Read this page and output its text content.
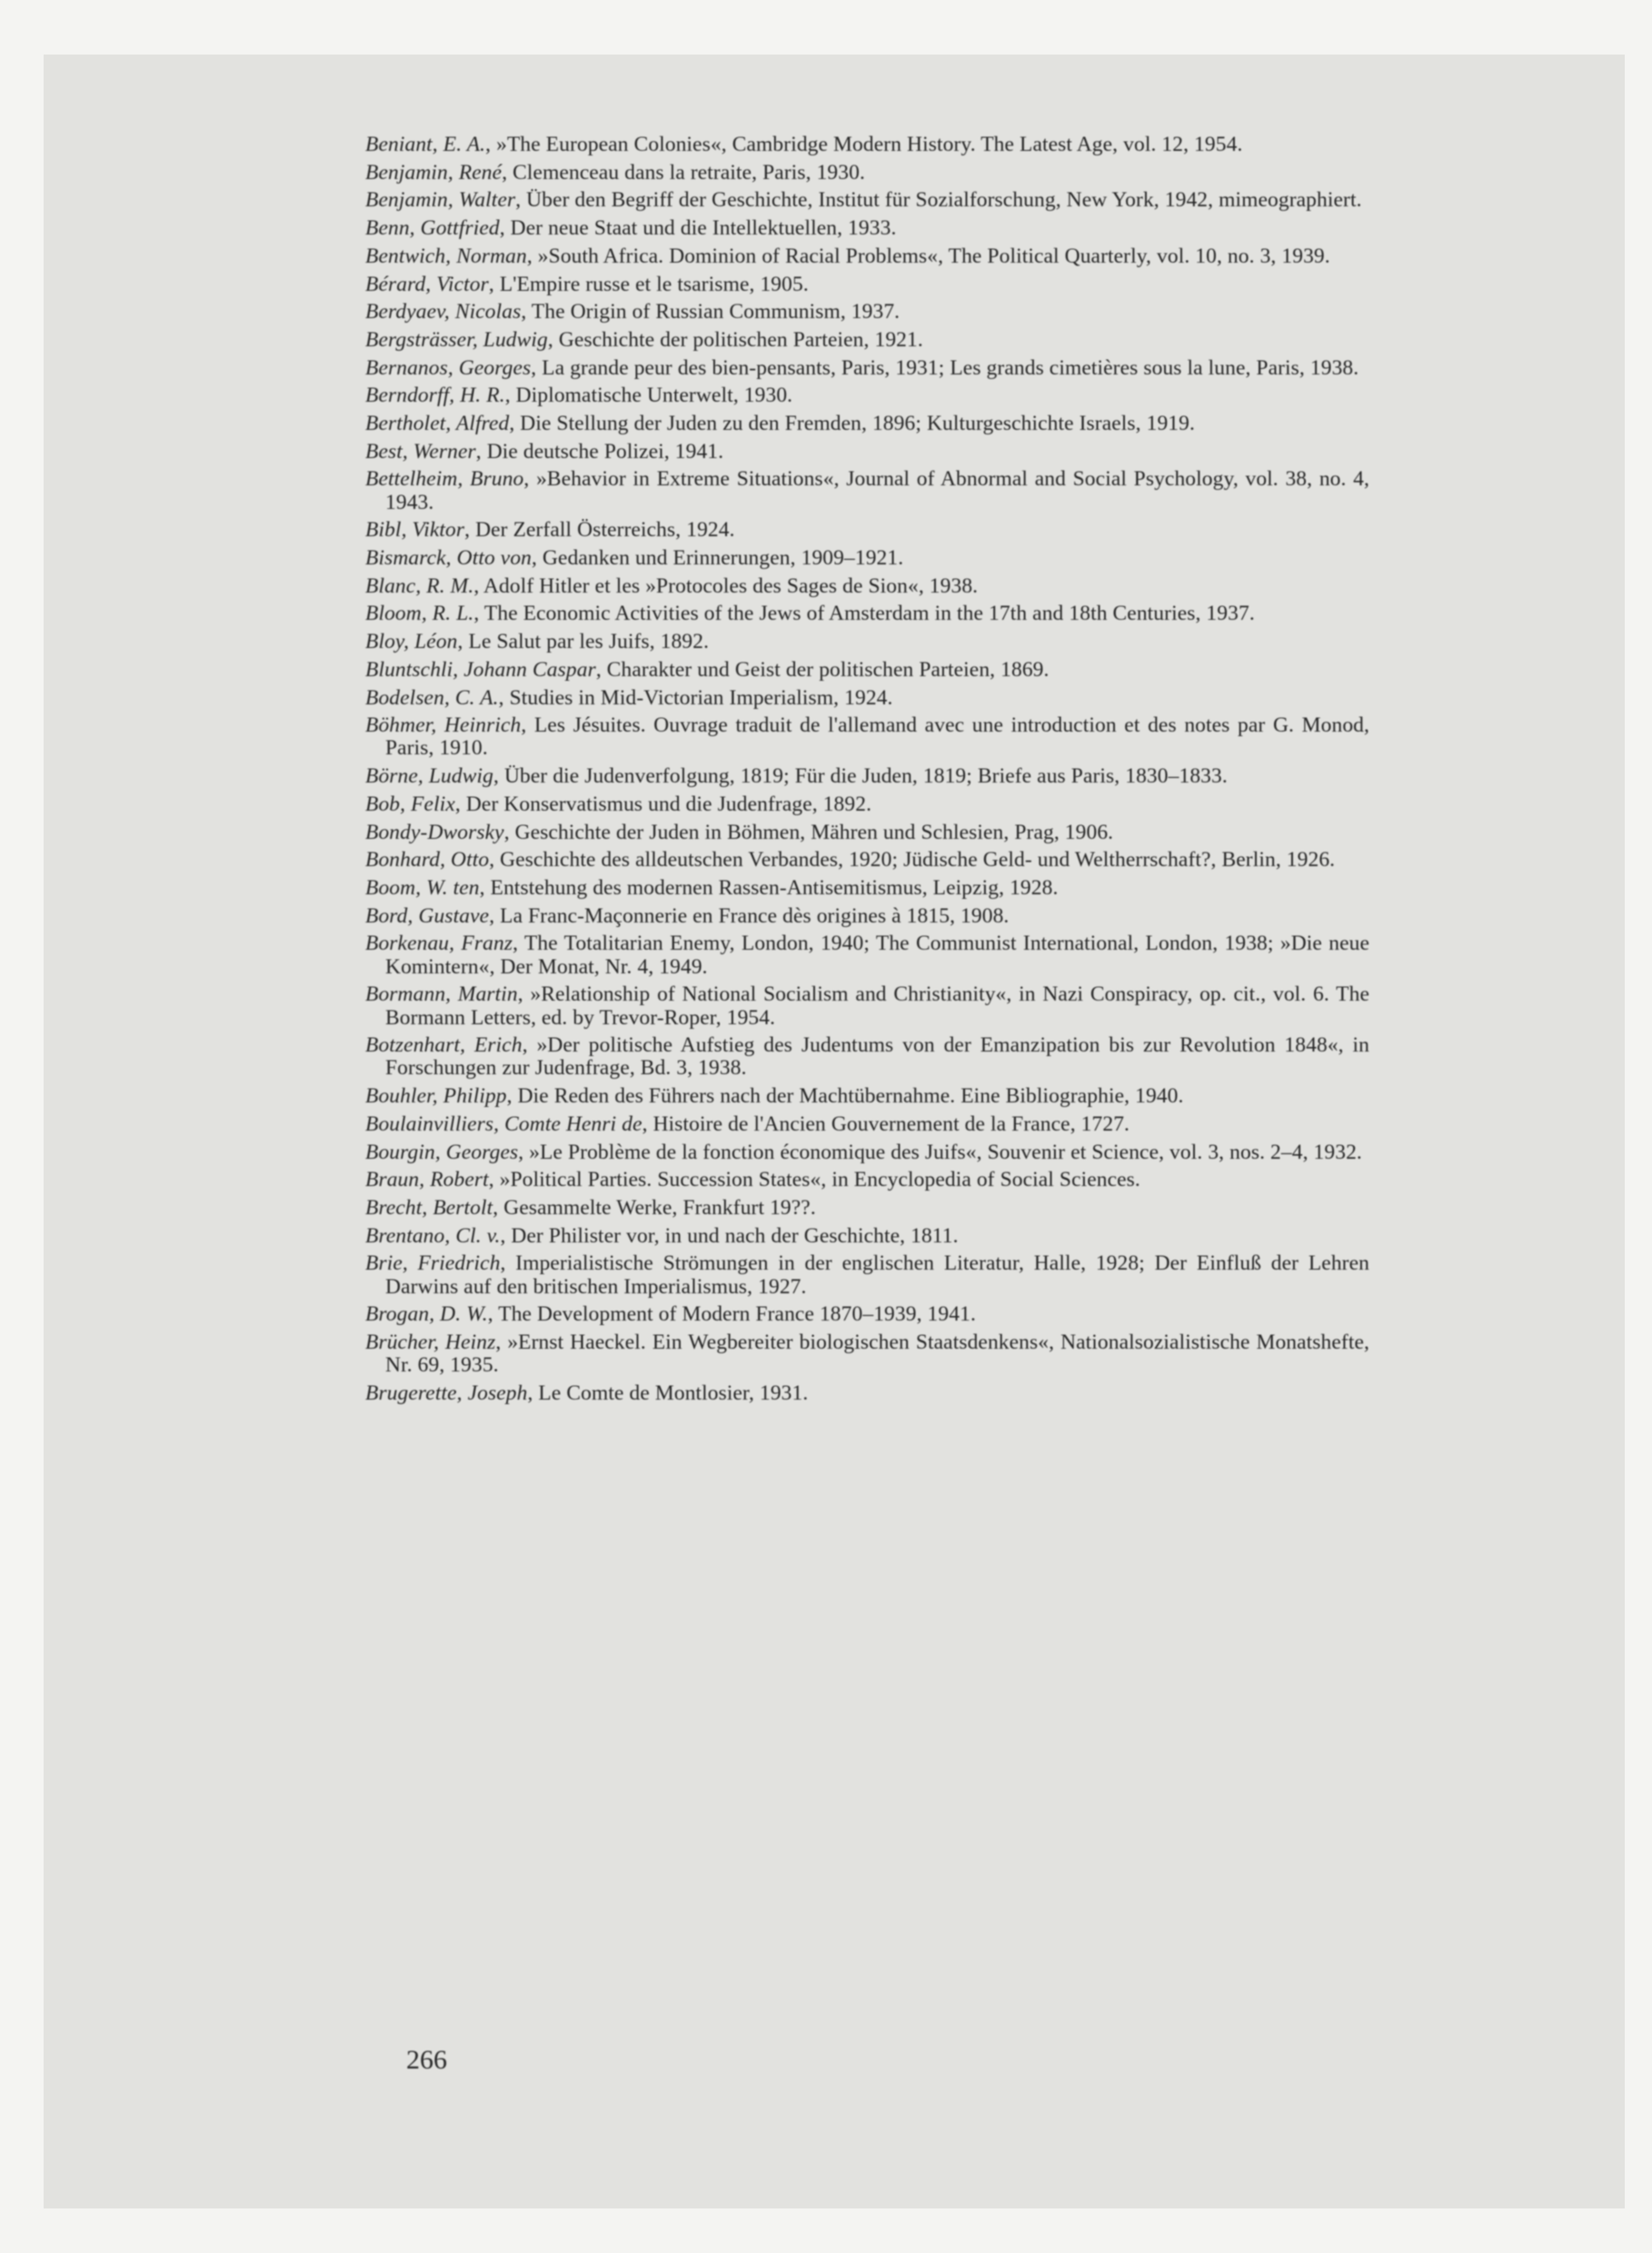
Beniant, E. A., »The European Colonies«, Cambridge Modern History. The Latest Age, vol. 12, 1954.
Benjamin, René, Clemenceau dans la retraite, Paris, 1930.
Benjamin, Walter, Über den Begriff der Geschichte, Institut für Sozialforschung, New York, 1942, mimeographiert.
Benn, Gottfried, Der neue Staat und die Intellektuellen, 1933.
Bentwich, Norman, »South Africa. Dominion of Racial Problems«, The Political Quarterly, vol. 10, no. 3, 1939.
Bérard, Victor, L'Empire russe et le tsarisme, 1905.
Berdyaev, Nicolas, The Origin of Russian Communism, 1937.
Bergsträsser, Ludwig, Geschichte der politischen Parteien, 1921.
Bernanos, Georges, La grande peur des bien-pensants, Paris, 1931; Les grands cimetières sous la lune, Paris, 1938.
Berndorff, H. R., Diplomatische Unterwelt, 1930.
Bertholet, Alfred, Die Stellung der Juden zu den Fremden, 1896; Kulturgeschichte Israels, 1919.
Best, Werner, Die deutsche Polizei, 1941.
Bettelheim, Bruno, »Behavior in Extreme Situations«, Journal of Abnormal and Social Psychology, vol. 38, no. 4, 1943.
Bibl, Viktor, Der Zerfall Österreichs, 1924.
Bismarck, Otto von, Gedanken und Erinnerungen, 1909–1921.
Blanc, R. M., Adolf Hitler et les »Protocoles des Sages de Sion«, 1938.
Bloom, R. L., The Economic Activities of the Jews of Amsterdam in the 17th and 18th Centuries, 1937.
Bloy, Léon, Le Salut par les Juifs, 1892.
Bluntschli, Johann Caspar, Charakter und Geist der politischen Parteien, 1869.
Bodelsen, C. A., Studies in Mid-Victorian Imperialism, 1924.
Böhmer, Heinrich, Les Jésuites. Ouvrage traduit de l'allemand avec une introduction et des notes par G. Monod, Paris, 1910.
Börne, Ludwig, Über die Judenverfolgung, 1819; Für die Juden, 1819; Briefe aus Paris, 1830–1833.
Bob, Felix, Der Konservatismus und die Judenfrage, 1892.
Bondy-Dworsky, Geschichte der Juden in Böhmen, Mähren und Schlesien, Prag, 1906.
Bonhard, Otto, Geschichte des alldeutschen Verbandes, 1920; Jüdische Geld- und Weltherrschaft?, Berlin, 1926.
Boom, W. ten, Entstehung des modernen Rassen-Antisemitismus, Leipzig, 1928.
Bord, Gustave, La Franc-Maçonnerie en France dès origines à 1815, 1908.
Borkenau, Franz, The Totalitarian Enemy, London, 1940; The Communist International, London, 1938; »Die neue Komintern«, Der Monat, Nr. 4, 1949.
Bormann, Martin, »Relationship of National Socialism and Christianity«, in Nazi Conspiracy, op. cit., vol. 6. The Bormann Letters, ed. by Trevor-Roper, 1954.
Botzenhart, Erich, »Der politische Aufstieg des Judentums von der Emanzipation bis zur Revolution 1848«, in Forschungen zur Judenfrage, Bd. 3, 1938.
Bouhler, Philipp, Die Reden des Führers nach der Machtübernahme. Eine Bibliographie, 1940.
Boulainvilliers, Comte Henri de, Histoire de l'Ancien Gouvernement de la France, 1727.
Bourgin, Georges, »Le Problème de la fonction économique des Juifs«, Souvenir et Science, vol. 3, nos. 2–4, 1932.
Braun, Robert, »Political Parties. Succession States«, in Encyclopedia of Social Sciences.
Brecht, Bertolt, Gesammelte Werke, Frankfurt 19??.
Brentano, Cl. v., Der Philister vor, in und nach der Geschichte, 1811.
Brie, Friedrich, Imperialistische Strömungen in der englischen Literatur, Halle, 1928; Der Einfluß der Lehren Darwins auf den britischen Imperialismus, 1927.
Brogan, D. W., The Development of Modern France 1870–1939, 1941.
Brücher, Heinz, »Ernst Haeckel. Ein Wegbereiter biologischen Staatsdenkens«, Nationalsozialistische Monatshefte, Nr. 69, 1935.
Brugerette, Joseph, Le Comte de Montlosier, 1931.
266
